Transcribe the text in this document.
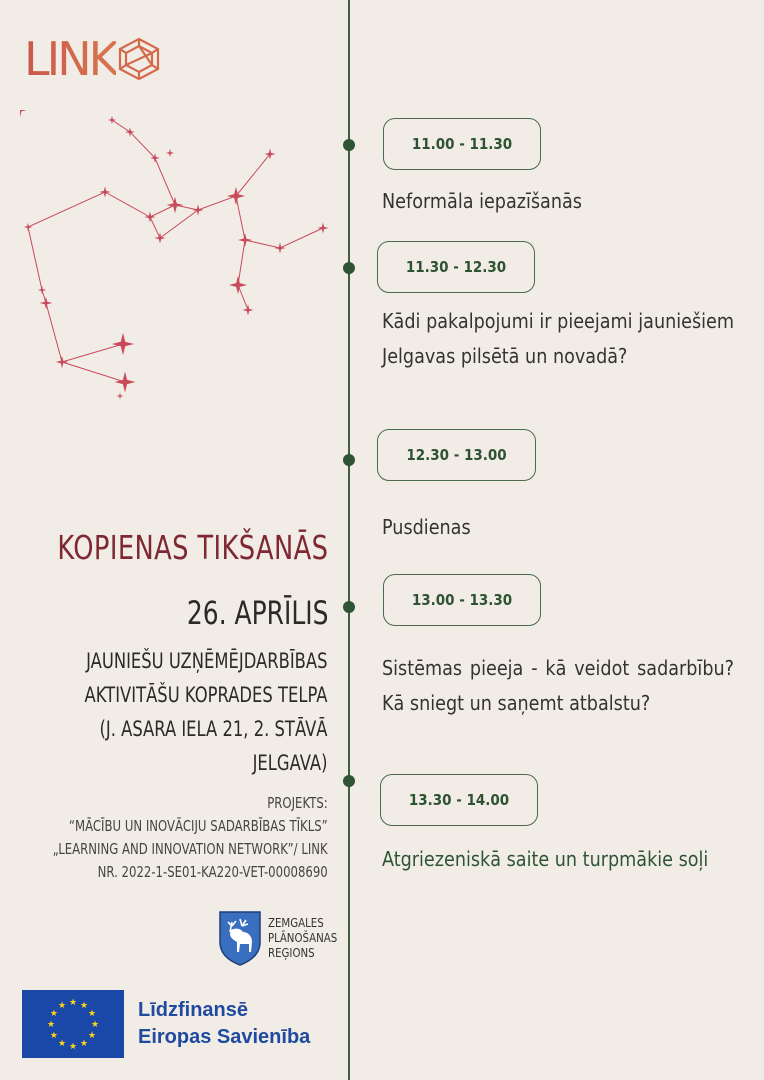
LINK
11.00 - 11.30
Neformāla iepazīšanās
11.30 - 12.30
Kādi pakalpojumi ir pieejami jauniešiem Jelgavas pilsētā un novadā?
12.30 - 13.00
Pusdienas
13.00 - 13.30
Sistēmas pieeja - kā veidot sadarbību? Kā sniegt un saņemt atbalstu?
13.30 - 14.00
Atgriezeniskā saite un turpmākie soļi
KOPIENAS TIKŠANĀS
26. APRĪLIS
JAUNIEŠU UZŅĒMĒJDARBĪBAS
AKTIVITĀŠU KOPRADES TELPA
(J. ASARA IELA 21, 2. STĀVĀ
JELGAVA)
PROJEKTS:
“MĀCĪBU UN INOVĀCIJU SADARBĪBAS TĪKLS”
„LEARNING AND INNOVATION NETWORK”/ LINK
NR. 2022-1-SE01-KA220-VET-00008690
ZEMGALES
PLĀNOŠANAS
REĢIONS
★ ★
★
★
★
★
★
★
★
★
★
★	Līdzfinansē
Eiropas Savienība
